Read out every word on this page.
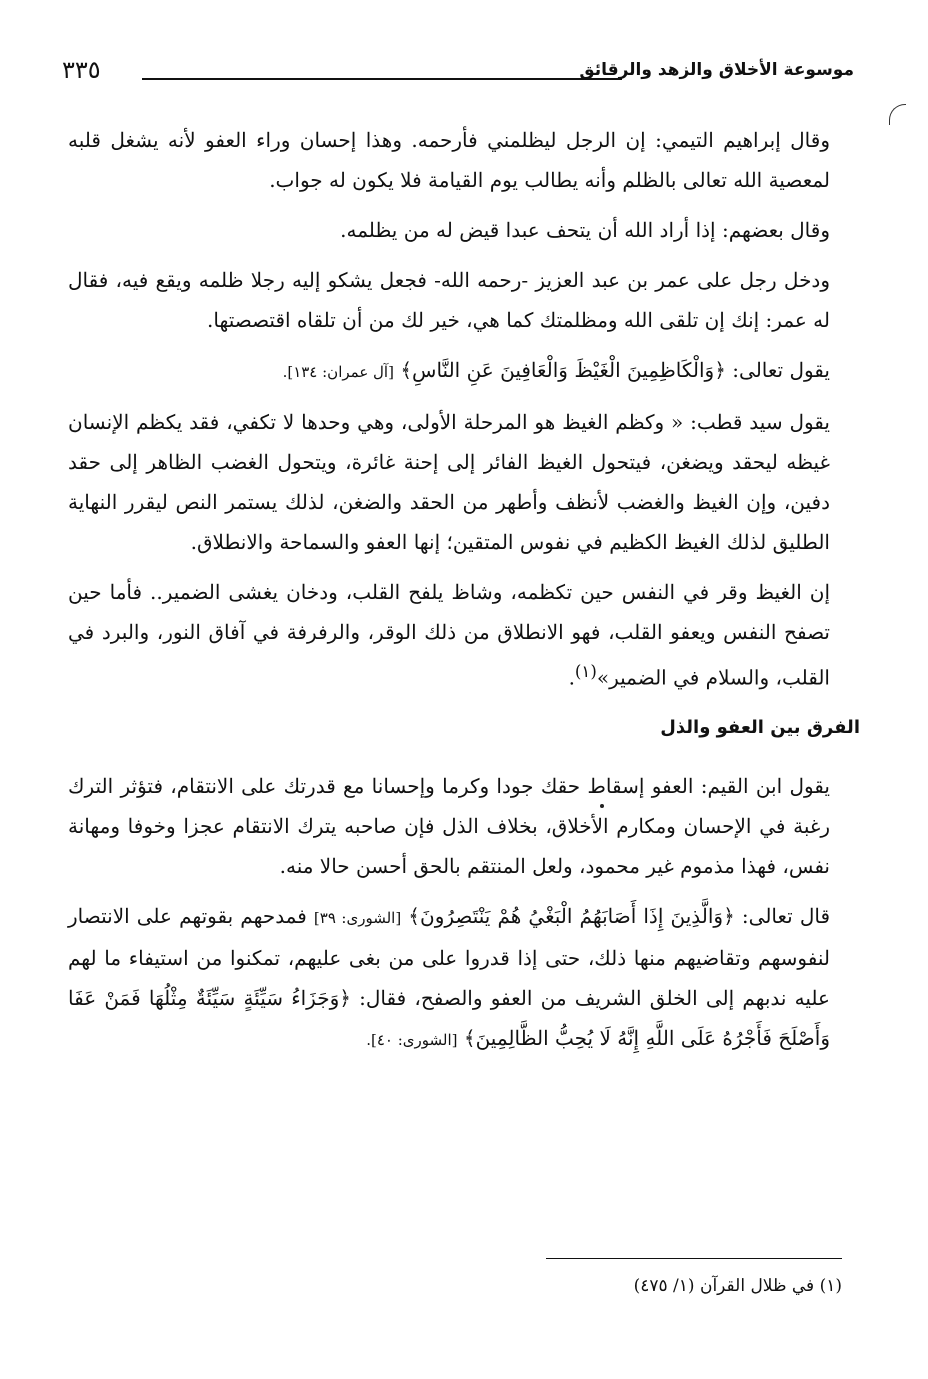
موسوعة الأخلاق والزهد والرقائق
٣٣٥

وقال إبراهيم التيمي: إن الرجل ليظلمني فأرحمه. وهذا إحسان وراء العفو لأنه يشغل قلبه لمعصية الله تعالى بالظلم وأنه يطالب يوم القيامة فلا يكون له جواب.

وقال بعضهم: إذا أراد الله أن يتحف عبدا قيض له من يظلمه.

ودخل رجل على عمر بن عبد العزيز -رحمه الله- فجعل يشكو إليه رجلا ظلمه ويقع فيه، فقال له عمر: إنك إن تلقى الله ومظلمتك كما هي، خير لك من أن تلقاه اقتصصتها.

يقول تعالى: ﴿وَالْكَاظِمِينَ الْغَيْظَ وَالْعَافِينَ عَنِ النَّاسِ﴾ [آل عمران: ١٣٤].

يقول سيد قطب: « وكظم الغيظ هو المرحلة الأولى، وهي وحدها لا تكفي، فقد يكظم الإنسان غيظه ليحقد ويضغن، فيتحول الغيظ الفائر إلى إحنة غائرة، ويتحول الغضب الظاهر إلى حقد دفين، وإن الغيظ والغضب لأنظف وأطهر من الحقد والضغن، لذلك يستمر النص ليقرر النهاية الطليق لذلك الغيظ الكظيم في نفوس المتقين؛ إنها العفو والسماحة والانطلاق.

إن الغيظ وقر في النفس حين تكظمه، وشاظ يلفح القلب، ودخان يغشى الضمير.. فأما حين تصفح النفس ويعفو القلب، فهو الانطلاق من ذلك الوقر، والرفرفة في آفاق النور، والبرد في القلب، والسلام في الضمير»$^{(١)}$.

الفرق بين العفو والذل

يقول ابن القيم: العفو إسقاط حقك جودا وكرما وإحسانا مع قدرتك على الانتقام، فتؤثر الترك رغبة في الإحسان ومكارم الأخلاق، بخلاف الذل فإن صاحبه يترك الانتقام عجزا وخوفا ومهانة نفس، فهذا مذموم غير محمود، ولعل المنتقم بالحق أحسن حالا منه.

قال تعالى: ﴿وَالَّذِينَ إِذَا أَصَابَهُمُ الْبَغْيُ هُمْ يَنْتَصِرُونَ﴾ [الشورى: ٣٩] فمدحهم بقوتهم على الانتصار لنفوسهم وتقاضيهم منها ذلك، حتى إذا قدروا على من بغى عليهم، تمكنوا من استيفاء ما لهم عليه ندبهم إلى الخلق الشريف من العفو والصفح، فقال: ﴿وَجَزَاءُ سَيِّئَةٍ سَيِّئَةٌ مِثْلُهَا فَمَنْ عَفَا وَأَصْلَحَ فَأَجْرُهُ عَلَى اللَّهِ إِنَّهُ لَا يُحِبُّ الظَّالِمِينَ﴾ [الشورى: ٤٠].

(١) في ظلال القرآن (١/ ٤٧٥)
